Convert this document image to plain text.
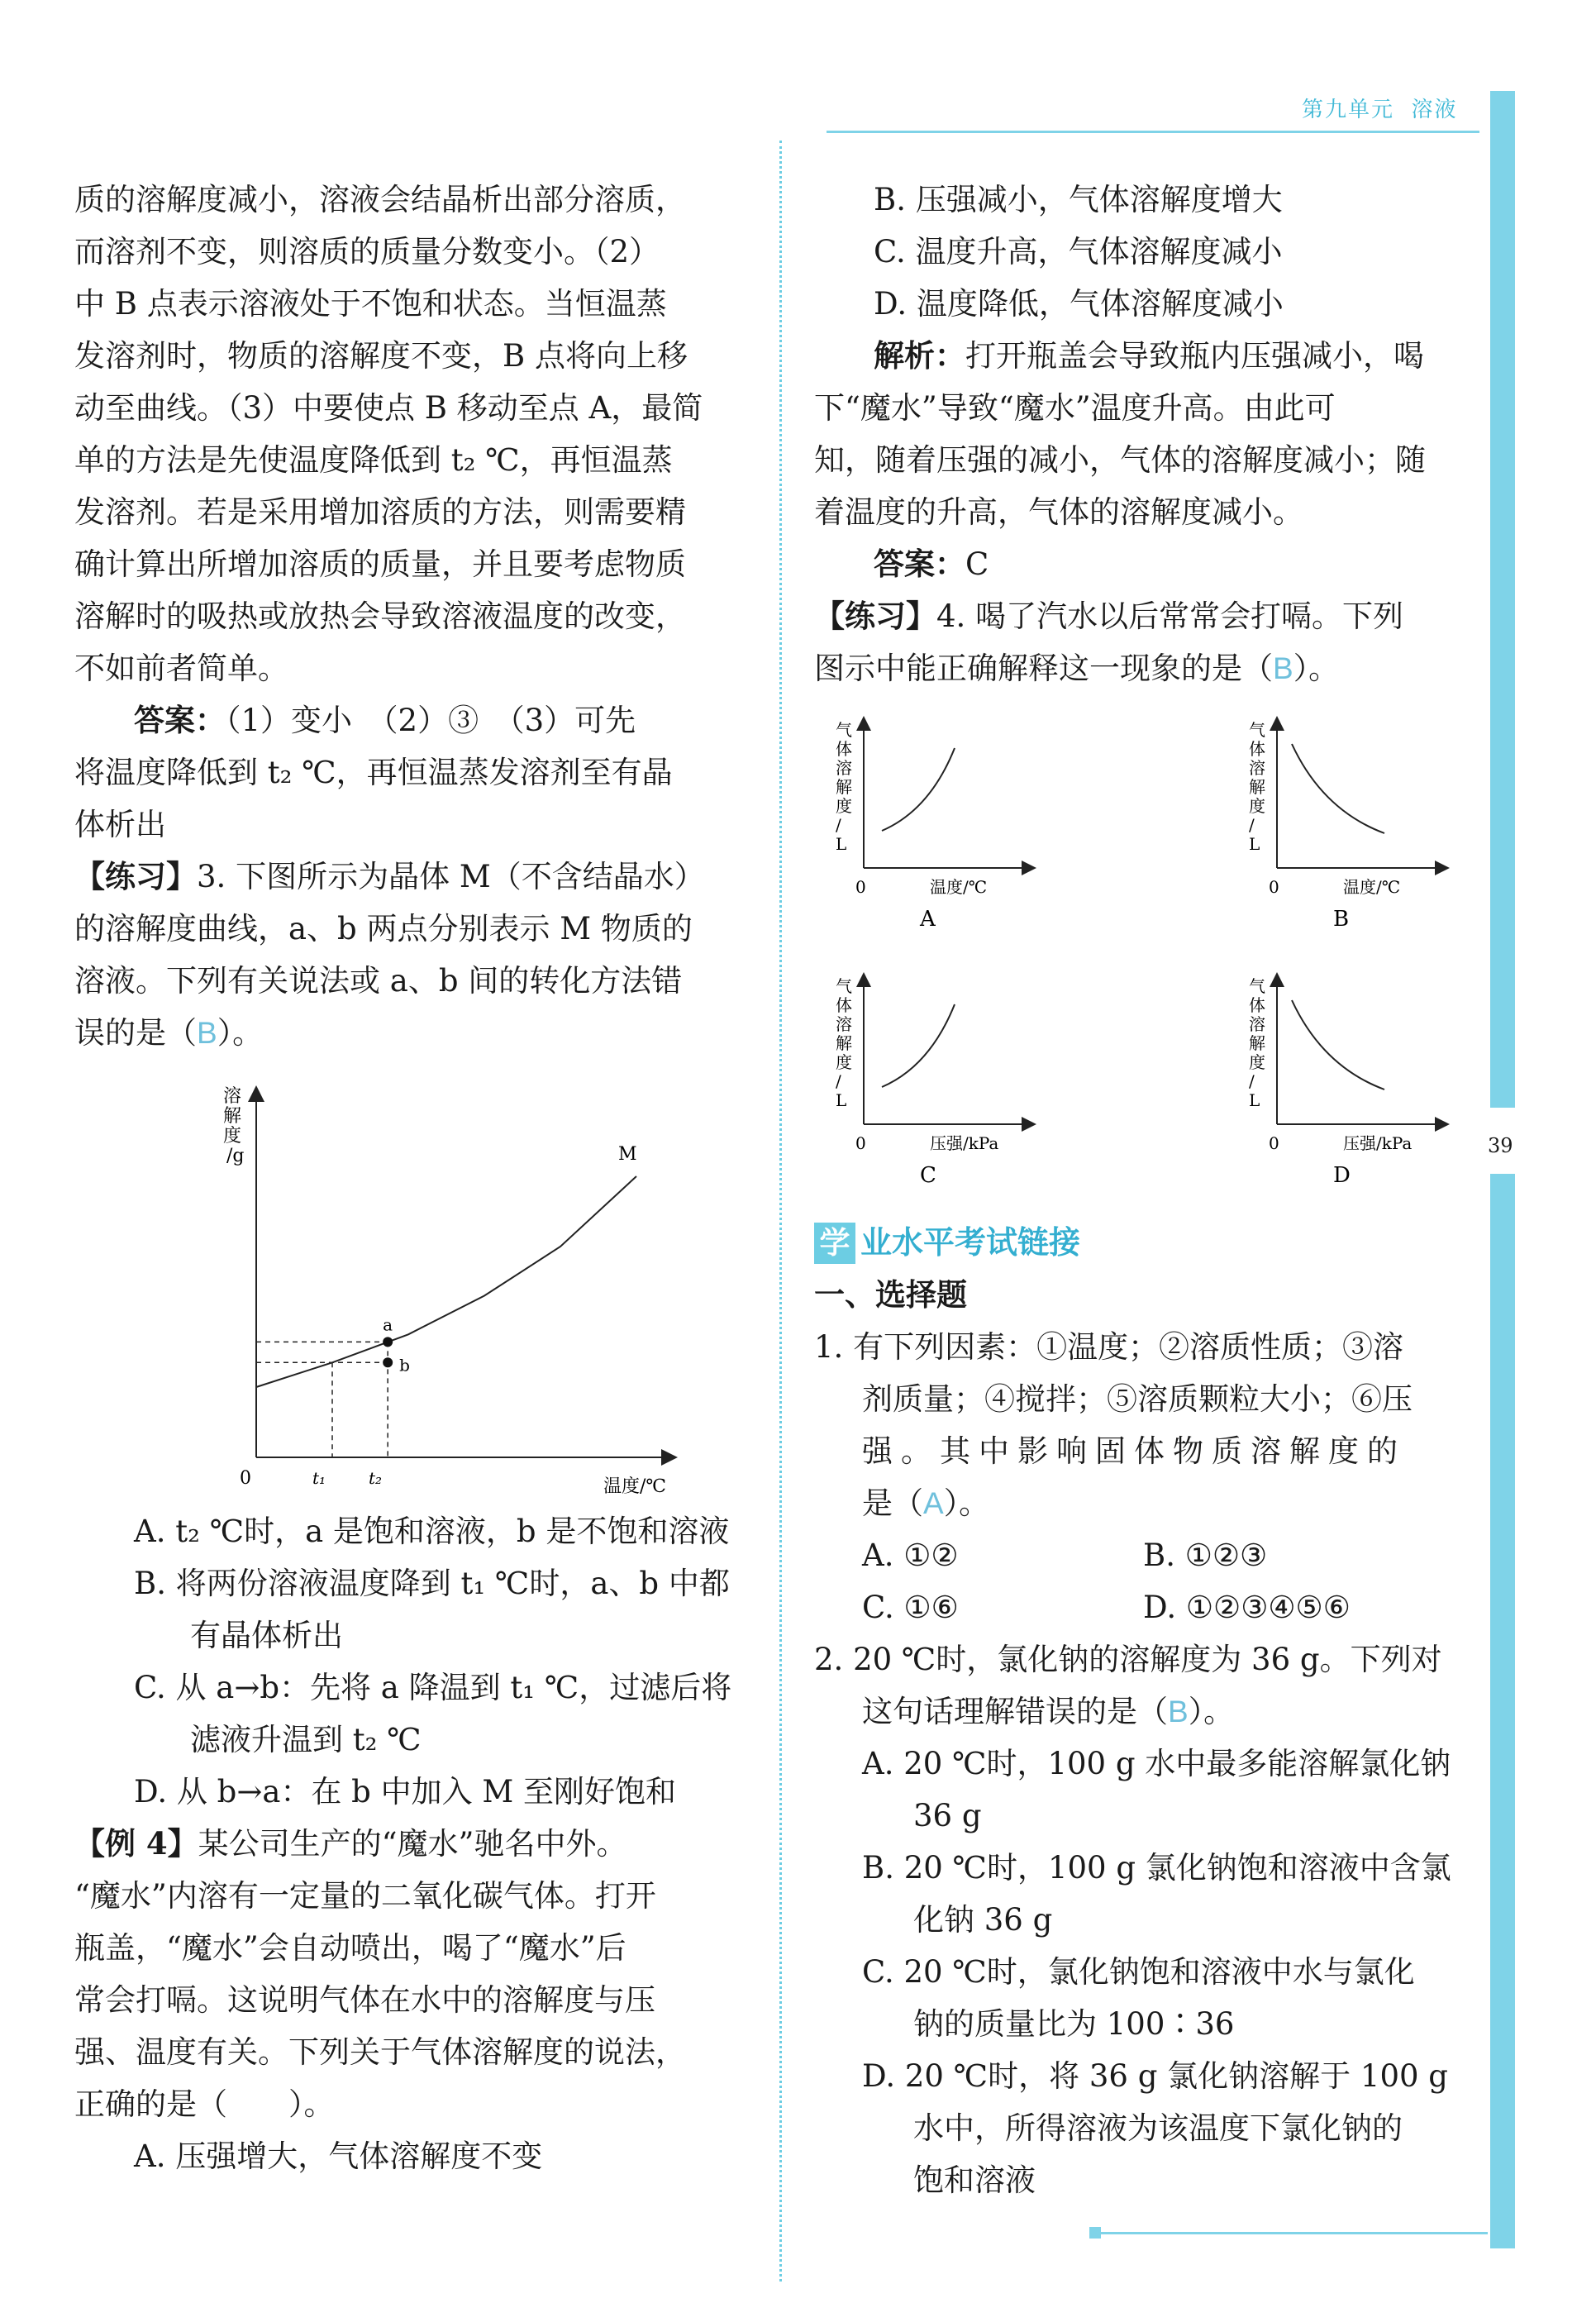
第九单元 溶液
39

质的溶解度减小，溶液会结晶析出部分溶质，

而溶剂不变，则溶质的质量分数变小。（2）

中 B 点表示溶液处于不饱和状态。当恒温蒸

发溶剂时，物质的溶解度不变，B 点将向上移

动至曲线。（3）中要使点 B 移动至点 A，最简

单的方法是先使温度降低到 t₂ ℃，再恒温蒸

发溶剂。若是采用增加溶质的方法，则需要精

确计算出所增加溶质的质量，并且要考虑物质

溶解时的吸热或放热会导致溶液温度的改变，

不如前者简单。

答案：（1）变小　（2）③　（3）可先

将温度降低到 t₂ ℃，再恒温蒸发溶剂至有晶

体析出

【练习】3. 下图所示为晶体 M（不含结晶水）

的溶解度曲线，a、b 两点分别表示 M 物质的

溶液。下列有关说法或 a、b 间的转化方法错

误的是（B）。

溶解度/g
0	温度/℃
t₁	t₂
M
a
b

A. t₂ ℃时，a 是饱和溶液，b 是不饱和溶液

B. 将两份溶液温度降到 t₁ ℃时，a、b 中都有晶体析出

C. 从 a→b：先将 a 降温到 t₁ ℃，过滤后将滤液升温到 t₂ ℃

D. 从 b→a：在 b 中加入 M 至刚好饱和

【例 4】某公司生产的“魔水”驰名中外。

“魔水”内溶有一定量的二氧化碳气体。打开

瓶盖，“魔水”会自动喷出，喝了“魔水”后

常会打嗝。这说明气体在水中的溶解度与压

强、温度有关。下列关于气体溶解度的说法，

正确的是（　　）。

A. 压强增大，气体溶解度不变

B. 压强减小，气体溶解度增大

C. 温度升高，气体溶解度减小

D. 温度降低，气体溶解度减小

解析：打开瓶盖会导致瓶内压强减小，喝

下“魔水”导致“魔水”温度升高。由此可

知，随着压强的减小，气体的溶解度减小；随

着温度的升高，气体的溶解度减小。

答案：C

【练习】4. 喝了汽水以后常常会打嗝。下列

图示中能正确解释这一现象的是（B）。

气体溶解度/ L
0	温度/℃
A
气体溶解度/ L
0	温度/℃
B
气体溶解度/ L
0	压强/kPa
C
气体溶解度/ L
0	压强/kPa
D

学 业水平考试链接

一、选择题

1. 有下列因素：①温度；②溶质性质；③溶

剂质量；④搅拌；⑤溶质颗粒大小；⑥压

强。其中影响固体物质溶解度的

是（A）。

A. ①②	B. ①②③

C. ①⑥	D. ①②③④⑤⑥

2. 20 ℃时，氯化钠的溶解度为 36 g。下列对

这句话理解错误的是（B）。

A. 20 ℃时，100 g 水中最多能溶解氯化钠

36 g

B. 20 ℃时，100 g 氯化钠饱和溶液中含氯

化钠 36 g

C. 20 ℃时，氯化钠饱和溶液中水与氯化

钠的质量比为 100∶36

D. 20 ℃时，将 36 g 氯化钠溶解于 100 g

水中，所得溶液为该温度下氯化钠的

饱和溶液
